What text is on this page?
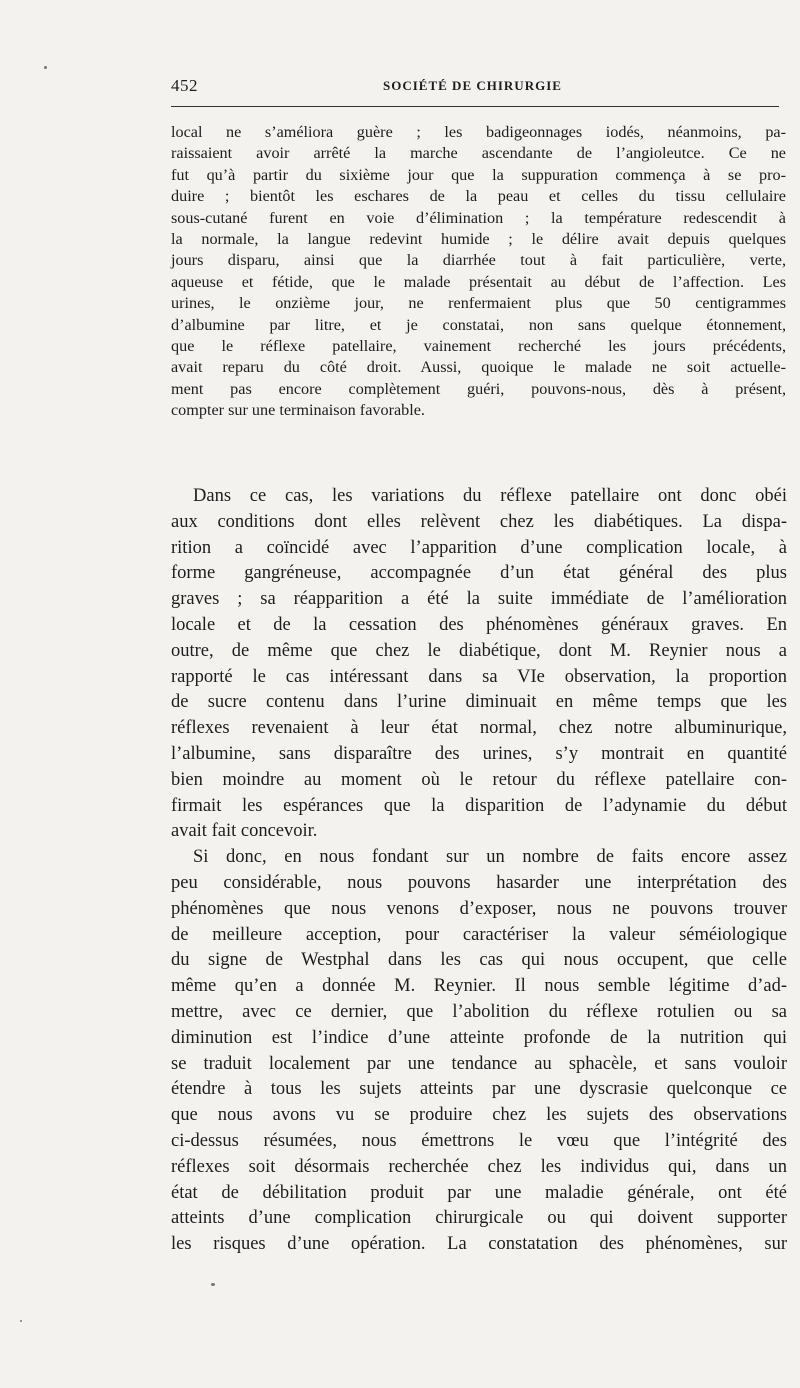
452	SOCIÉTÉ DE CHIRURGIE
local ne s’améliora guère ; les badigeonnages iodés, néanmoins, pa-
raissaient avoir arrêté la marche ascendante de l’angioleutce. Ce ne
fut qu’à partir du sixième jour que la suppuration commença à se pro-
duire ; bientôt les eschares de la peau et celles du tissu cellulaire
sous-cutané furent en voie d’élimination ; la température redescendit à
la normale, la langue redevint humide ; le délire avait depuis quelques
jours disparu, ainsi que la diarrhée tout à fait particulière, verte,
aqueuse et fétide, que le malade présentait au début de l’affection. Les
urines, le onzième jour, ne renfermaient plus que 50 centigrammes
d’albumine par litre, et je constatai, non sans quelque étonnement,
que le réflexe patellaire, vainement recherché les jours précédents,
avait reparu du côté droit. Aussi, quoique le malade ne soit actuelle-
ment pas encore complètement guéri, pouvons-nous, dès à présent,
compter sur une terminaison favorable.
Dans ce cas, les variations du réflexe patellaire ont donc obéi
aux conditions dont elles relèvent chez les diabétiques. La dispa-
rition a coïncidé avec l’apparition d’une complication locale, à
forme gangréneuse, accompagnée d’un état général des plus
graves ; sa réapparition a été la suite immédiate de l’amélioration
locale et de la cessation des phénomènes généraux graves. En
outre, de même que chez le diabétique, dont M. Reynier nous a
rapporté le cas intéressant dans sa VIe observation, la proportion
de sucre contenu dans l’urine diminuait en même temps que les
réflexes revenaient à leur état normal, chez notre albuminurique,
l’albumine, sans disparaître des urines, s’y montrait en quantité
bien moindre au moment où le retour du réflexe patellaire con-
firmait les espérances que la disparition de l’adynamie du début
avait fait concevoir.
Si donc, en nous fondant sur un nombre de faits encore assez
peu considérable, nous pouvons hasarder une interprétation des
phénomènes que nous venons d’exposer, nous ne pouvons trouver
de meilleure acception, pour caractériser la valeur séméiologique
du signe de Westphal dans les cas qui nous occupent, que celle
même qu’en a donnée M. Reynier. Il nous semble légitime d’ad-
mettre, avec ce dernier, que l’abolition du réflexe rotulien ou sa
diminution est l’indice d’une atteinte profonde de la nutrition qui
se traduit localement par une tendance au sphacèle, et sans vouloir
étendre à tous les sujets atteints par une dyscrasie quelconque ce
que nous avons vu se produire chez les sujets des observations
ci-dessus résumées, nous émettrons le vœu que l’intégrité des
réflexes soit désormais recherchée chez les individus qui, dans un
état de débilitation produit par une maladie générale, ont été
atteints d’une complication chirurgicale ou qui doivent supporter
les risques d’une opération. La constatation des phénomènes, sur
